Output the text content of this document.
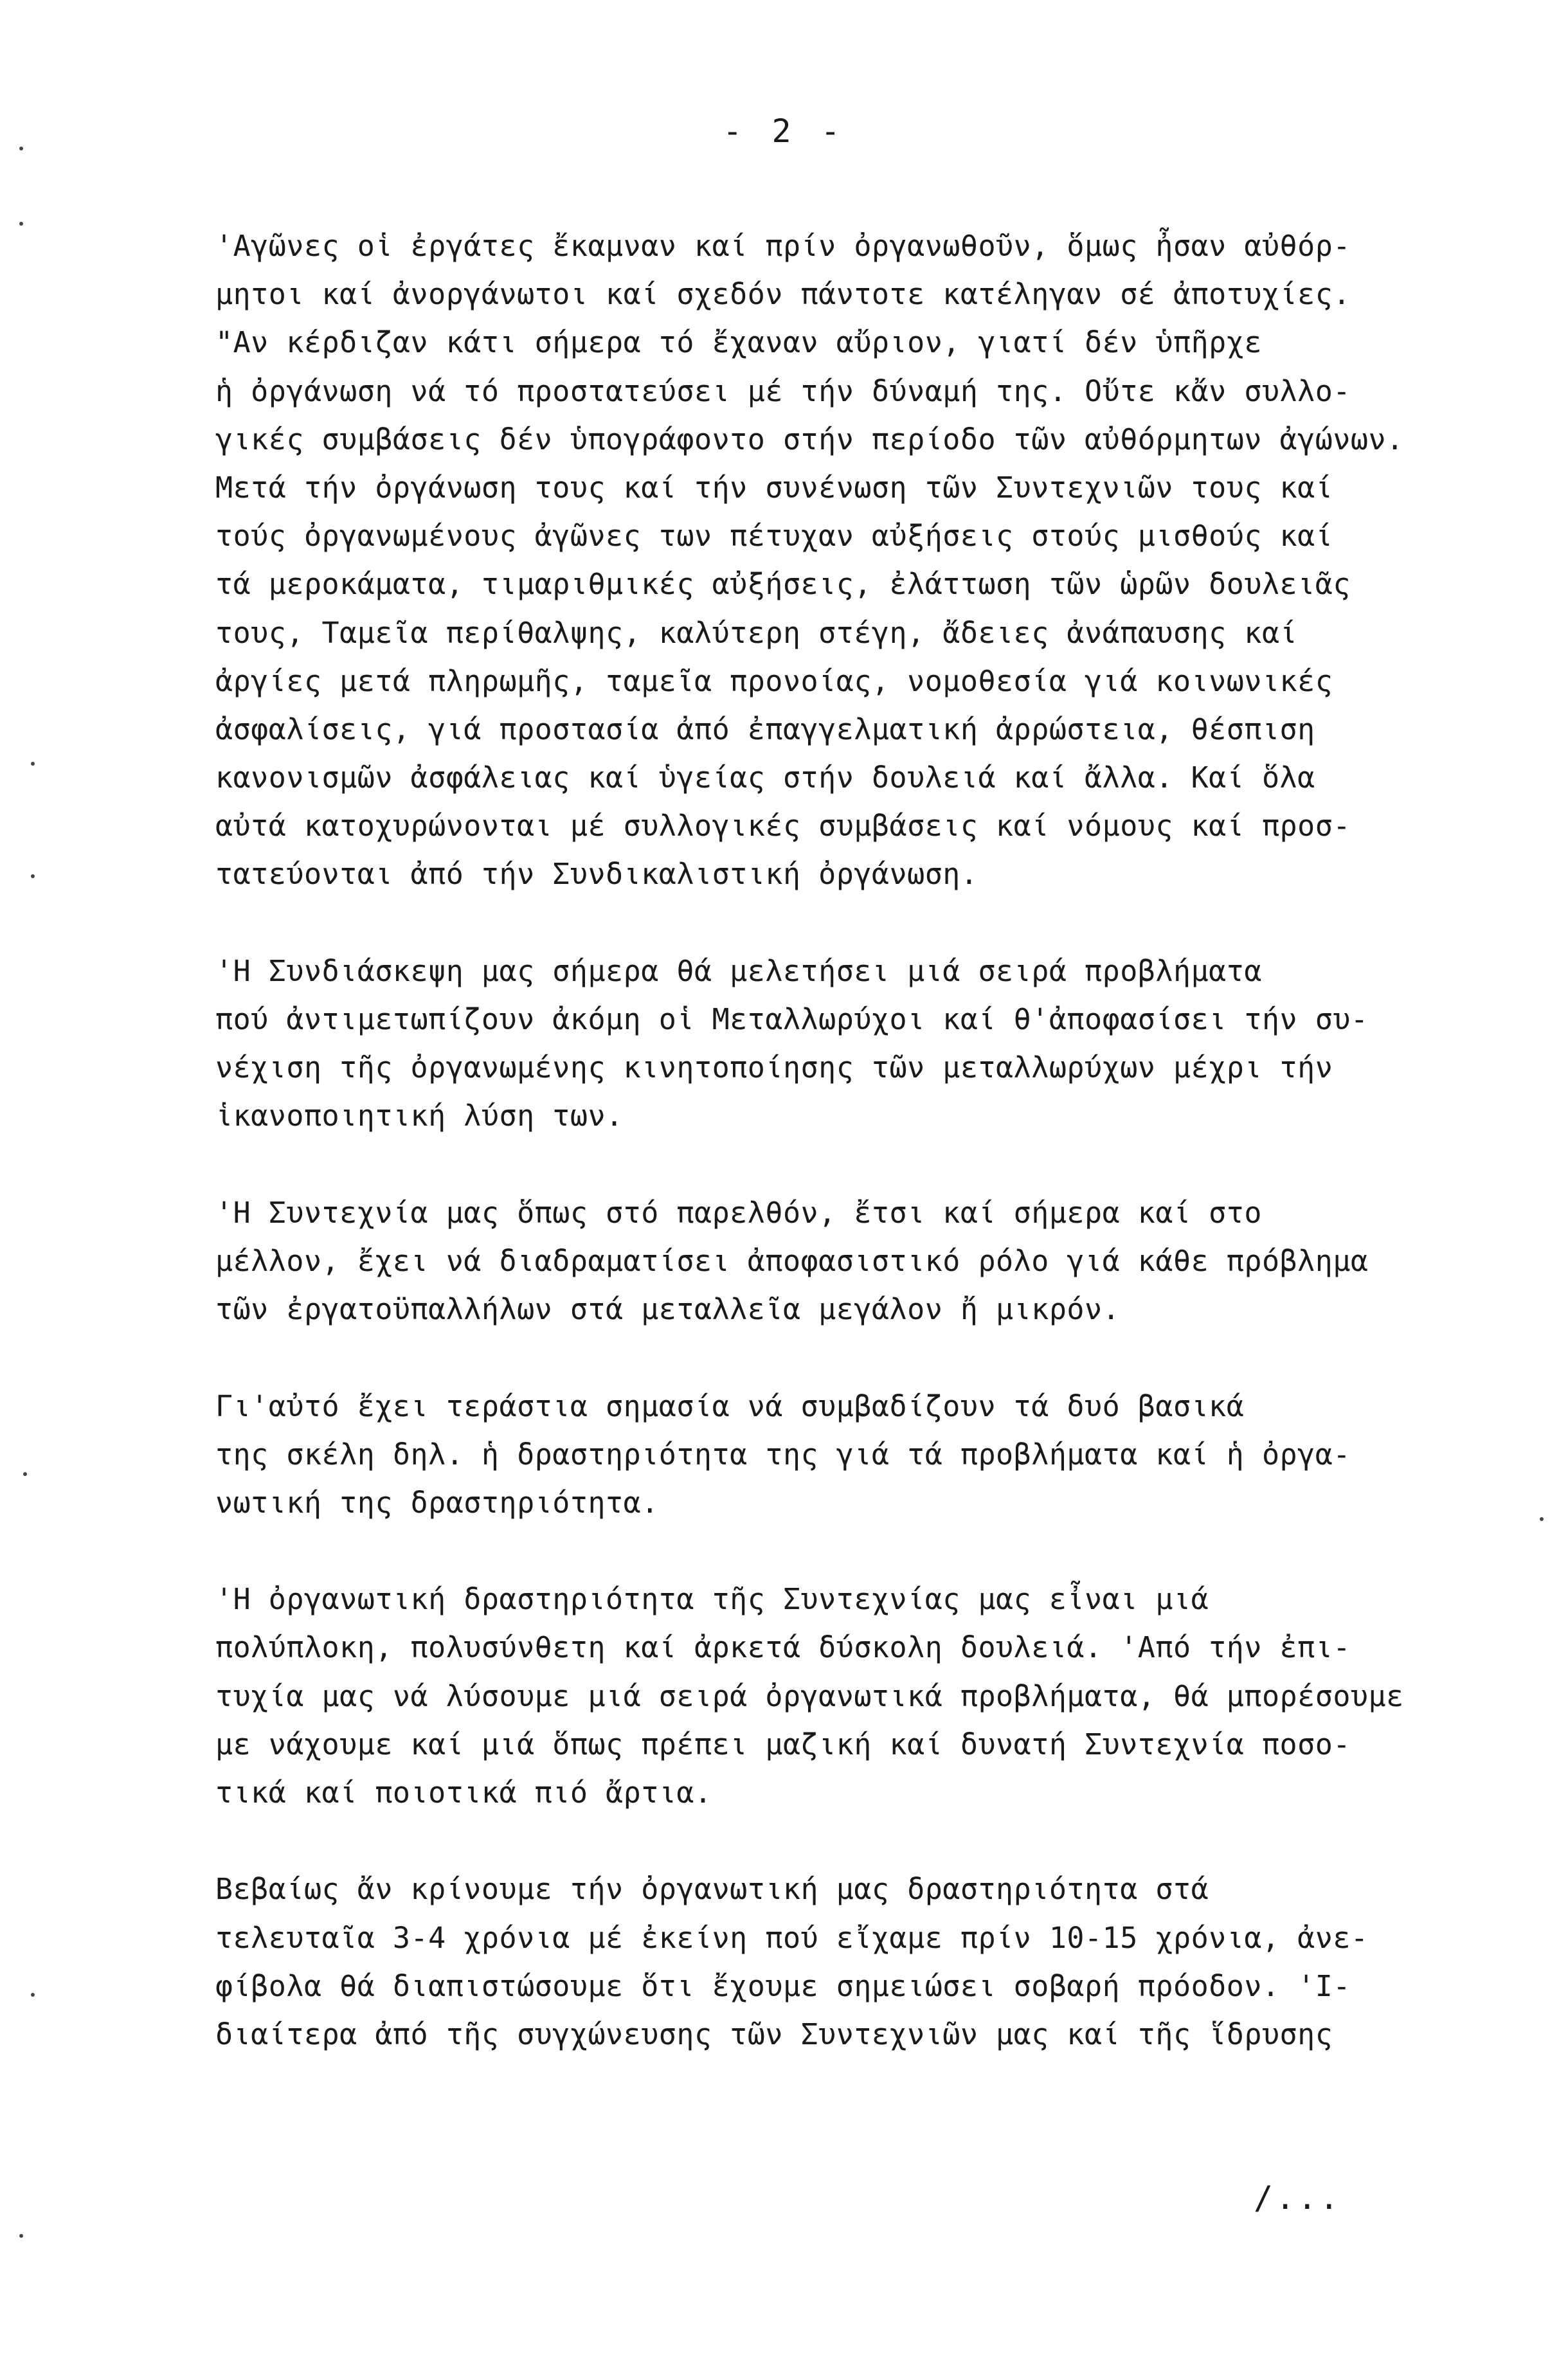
- 2 -
'Αγῶνες οἱ ἐργάτες ἔκαμναν καί πρίν ὀργανωθοῦν, ὅμως ἦσαν αὐθόρ-
μητοι καί ἀνοργάνωτοι καί σχεδόν πάντοτε κατέληγαν σέ ἀποτυχίες.
"Αν κέρδιζαν κάτι σήμερα τό ἔχαναν αὔριον, γιατί δέν ὑπῆρχε
ἡ ὀργάνωση νά τό προστατεύσει μέ τήν δύναμή της. Οὔτε κἄν συλλο-
γικές συμβάσεις δέν ὑπογράφοντο στήν περίοδο τῶν αὐθόρμητων ἀγώνων.
Μετά τήν ὀργάνωση τους καί τήν συνένωση τῶν Συντεχνιῶν τους καί
τούς ὀργανωμένους ἀγῶνες των πέτυχαν αὐξήσεις στούς μισθούς καί
τά μεροκάματα, τιμαριθμικές αὐξήσεις, ἐλάττωση τῶν ὡρῶν δουλειᾶς
τους, Ταμεῖα περίθαλψης, καλύτερη στέγη, ἄδειες ἀνάπαυσης καί
ἀργίες μετά πληρωμῆς, ταμεῖα προνοίας, νομοθεσία γιά κοινωνικές
ἀσφαλίσεις, γιά προστασία ἀπό ἐπαγγελματική ἀρρώστεια, θέσπιση
κανονισμῶν ἀσφάλειας καί ὑγείας στήν δουλειά καί ἄλλα. Καί ὅλα
αὐτά κατοχυρώνονται μέ συλλογικές συμβάσεις καί νόμους καί προσ-
τατεύονται ἀπό τήν Συνδικαλιστική ὀργάνωση.
'Η Συνδιάσκεψη μας σήμερα θά μελετήσει μιά σειρά προβλήματα
πού ἀντιμετωπίζουν ἀκόμη οἱ Μεταλλωρύχοι καί θ'ἀποφασίσει τήν συ-
νέχιση τῆς ὀργανωμένης κινητοποίησης τῶν μεταλλωρύχων μέχρι τήν
ἱκανοποιητική λύση των.
'Η Συντεχνία μας ὅπως στό παρελθόν, ἔτσι καί σήμερα καί στο
μέλλον, ἔχει νά διαδραματίσει ἀποφασιστικό ρόλο γιά κάθε πρόβλημα
τῶν ἐργατοϋπαλλήλων στά μεταλλεῖα μεγάλον ἤ μικρόν.
Γι'αὐτό ἔχει τεράστια σημασία νά συμβαδίζουν τά δυό βασικά
της σκέλη δηλ. ἡ δραστηριότητα της γιά τά προβλήματα καί ἡ ὀργα-
νωτική της δραστηριότητα.
'Η ὀργανωτική δραστηριότητα τῆς Συντεχνίας μας εἶναι μιά
πολύπλοκη, πολυσύνθετη καί ἀρκετά δύσκολη δουλειά. 'Από τήν ἐπι-
τυχία μας νά λύσουμε μιά σειρά ὀργανωτικά προβλήματα, θά μπορέσουμε
με νάχουμε καί μιά ὅπως πρέπει μαζική καί δυνατή Συντεχνία ποσο-
τικά καί ποιοτικά πιό ἄρτια.
Βεβαίως ἄν κρίνουμε τήν ὀργανωτική μας δραστηριότητα στά
τελευταῖα 3-4 χρόνια μέ ἐκείνη πού εἴχαμε πρίν 10-15 χρόνια, ἀνε-
φίβολα θά διαπιστώσουμε ὅτι ἔχουμε σημειώσει σοβαρή πρόοδον. 'Ι-
διαίτερα ἀπό τῆς συγχώνευσης τῶν Συντεχνιῶν μας καί τῆς ἵδρυσης
/...
